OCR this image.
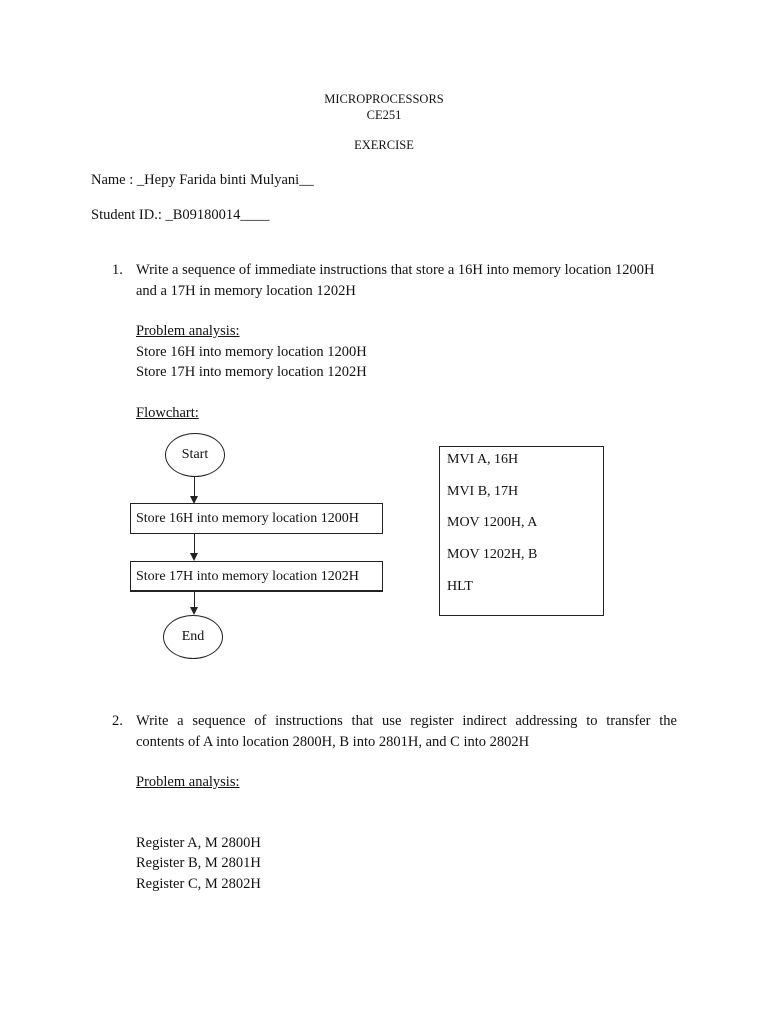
MICROPROCESSORS
CE251
EXERCISE
Name : _Hepy Farida binti Mulyani__
Student ID.: _B09180014____
1. Write a sequence of immediate instructions that store a 16H into memory location 1200H
and a 17H in memory location 1202H
Problem analysis:
Store 16H into memory location 1200H
Store 17H into memory location 1202H
Flowchart:
Start
Store 16H into memory location 1200H
Store 17H into memory location 1202H
End
MVI A, 16H
MVI B, 17H
MOV 1200H, A
MOV 1202H, B
HLT
2. Write a sequence of instructions that use register indirect addressing to transfer the
contents of A into location 2800H, B into 2801H, and C into 2802H
Problem analysis:
Register A, M 2800H
Register B, M 2801H
Register C, M 2802H
